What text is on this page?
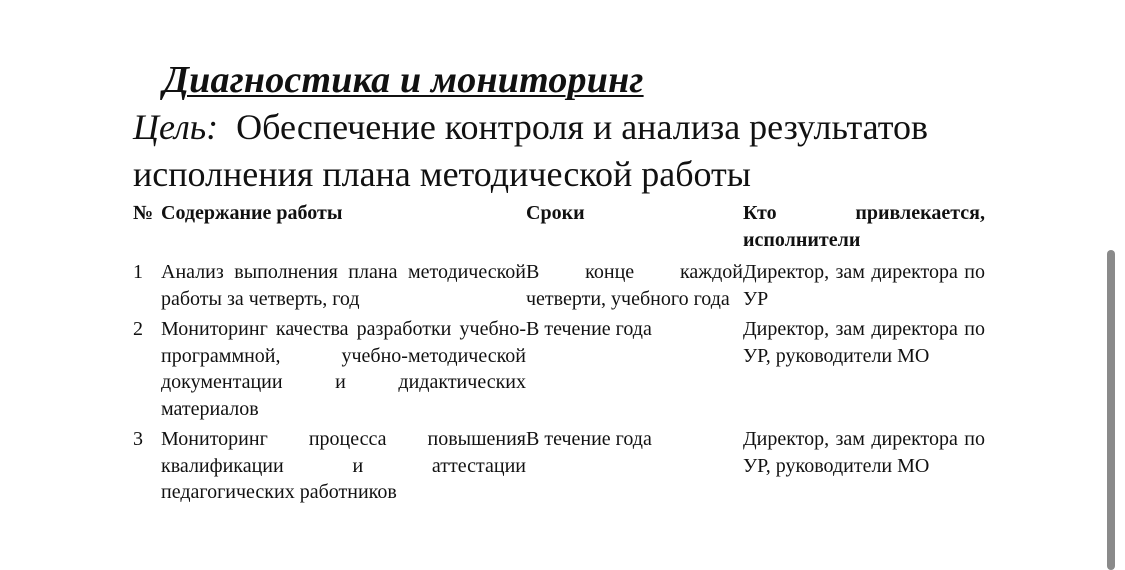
Диагностика и мониторинг

Цель: Обеспечение контроля и анализа результатов
исполнения плана методической работы

№	Содержание работы	Сроки	Кто привлекается, исполнители
1	Анализ выполнения плана методической работы за четверть, год	В конце каждой четверти, учебного года	Директор, зам директора по УР
2	Мониторинг качества разработки учебно-программной, учебно-методической документации и дидактических материалов	В течение года	Директор, зам директора по УР, руководители МО
3	Мониторинг процесса повышения квалификации и аттестации педагогических работников	В течение года	Директор, зам директора по УР, руководители МО
